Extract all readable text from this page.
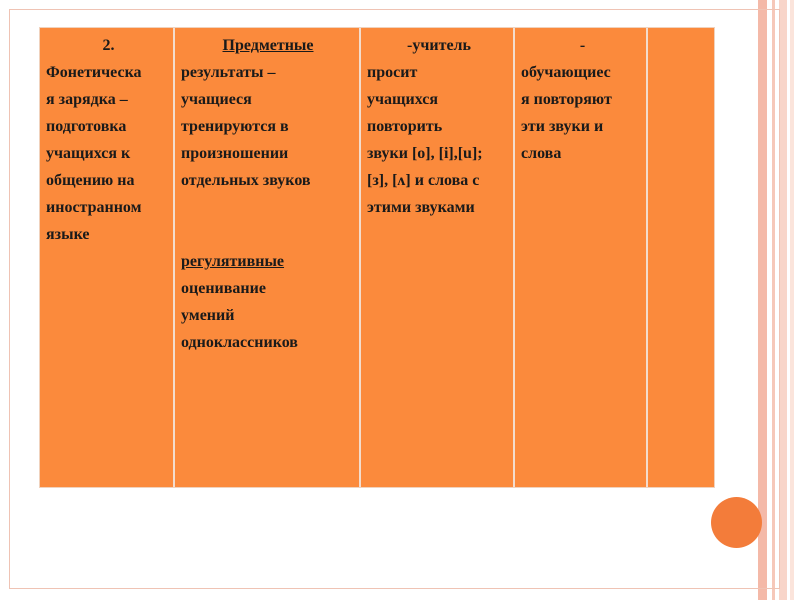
2.
Фонетическа
я зарядка –
подготовка
учащихся к
общению на
иностранном
языке
Предметные
результаты –
учащиеся
тренируются в
произношении
отдельных звуков
регулятивные
оценивание
умений
одноклассников
-учитель
просит
учащихся
повторить
звуки [o], [i],[u];
[з], [ʌ] и слова с
этими звуками
-
обучающиес
я повторяют
эти звуки и
слова
